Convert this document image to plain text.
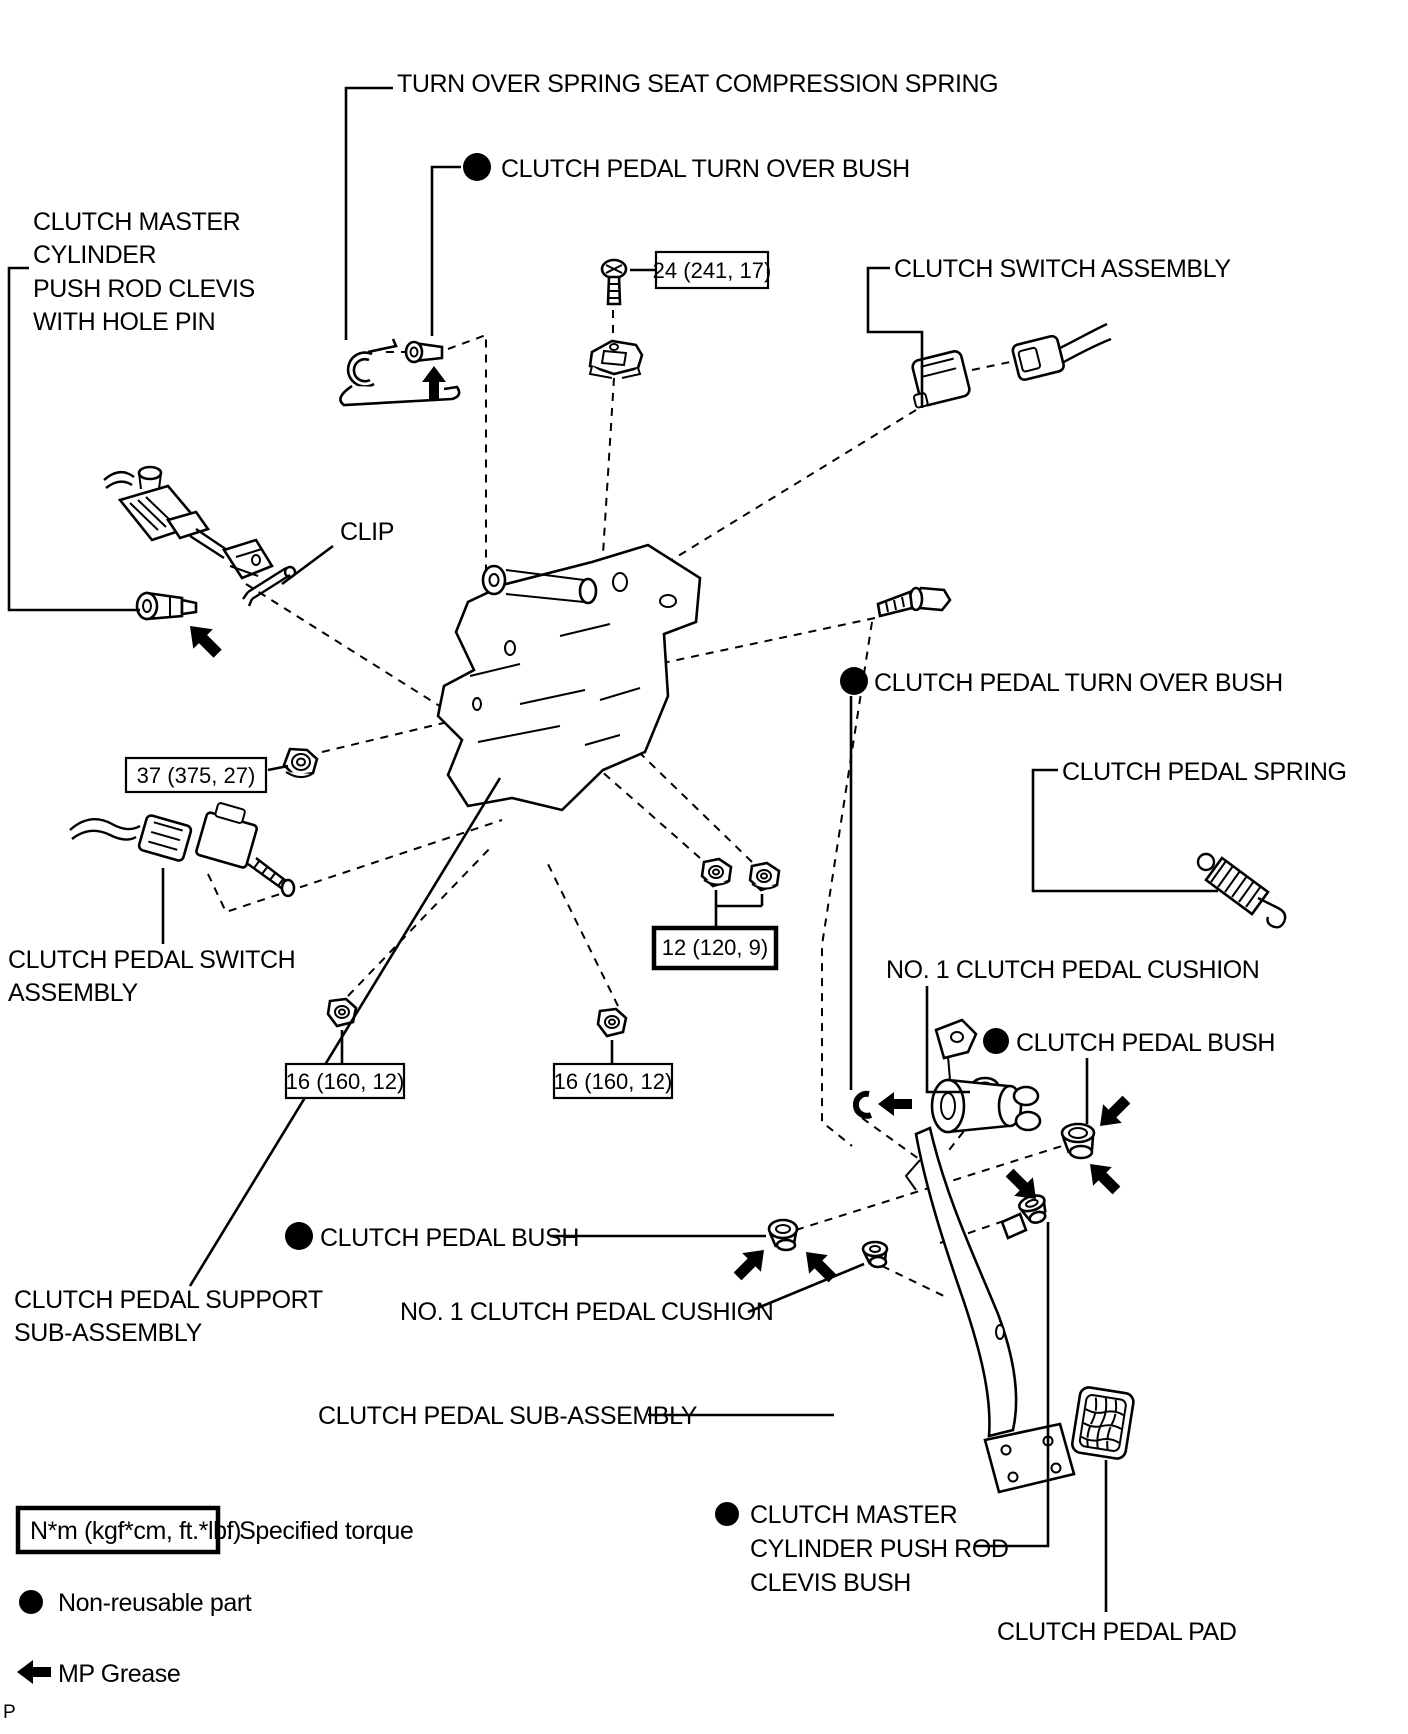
24 (241, 17)
37 (375, 27)
12 (120, 9)
16 (160, 12)	16 (160, 12)
TURN OVER SPRING SEAT COMPRESSION SPRING
CLUTCH PEDAL TURN OVER BUSH
CLUTCH MASTER
CYLINDER
PUSH ROD CLEVIS
WITH HOLE PIN
CLUTCH SWITCH ASSEMBLY
CLIP
CLUTCH PEDAL TURN OVER BUSH
CLUTCH PEDAL SPRING
CLUTCH PEDAL SWITCH
ASSEMBLY
NO. 1 CLUTCH PEDAL CUSHION
CLUTCH PEDAL BUSH
CLUTCH PEDAL BUSH
NO. 1 CLUTCH PEDAL CUSHION
CLUTCH PEDAL SUPPORT
SUB-ASSEMBLY
CLUTCH PEDAL SUB-ASSEMBLY
CLUTCH MASTER
CYLINDER PUSH ROD
CLEVIS BUSH
CLUTCH PEDAL PAD
N*m (kgf*cm, ft.*lbf)
: Specified torque
Non-reusable part
MP Grease
P
